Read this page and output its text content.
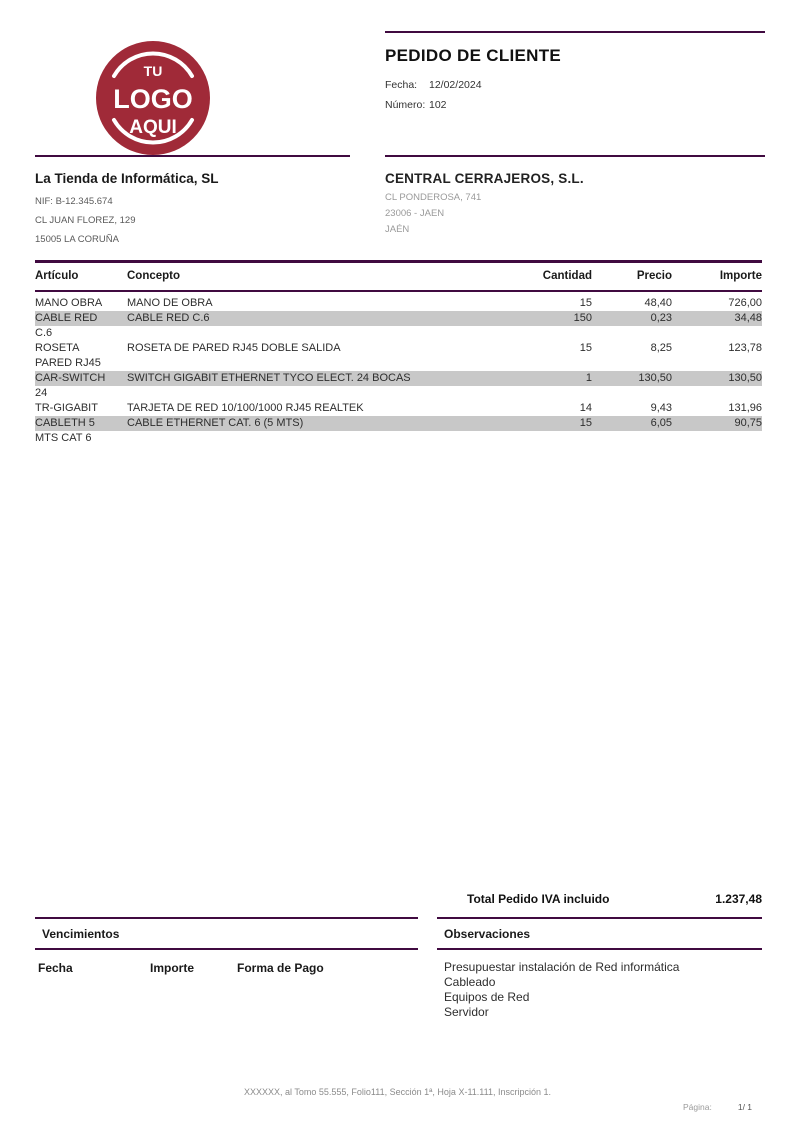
TU
LOGO
AQUI
PEDIDO DE CLIENTE
Fecha:	12/02/2024
Número: 102
La Tienda de Informática, SL
NIF: B-12.345.674
CL JUAN FLOREZ, 129
15005 LA CORUÑA
CENTRAL CERRAJEROS, S.L.
CL PONDEROSA, 741
23006 - JAEN
JAÉN
Artículo	Concepto	Cantidad	Precio	Importe
MANO OBRA	MANO DE OBRA	15	48,40	726,00
CABLE RED	CABLE RED C.6	150	0,23	34,48
C.6
ROSETA	ROSETA DE PARED RJ45 DOBLE SALIDA	15	8,25	123,78
PARED RJ45
CAR-SWITCH	SWITCH GIGABIT ETHERNET TYCO ELECT. 24 BOCAS	1	130,50	130,50
24
TR-GIGABIT	TARJETA DE RED 10/100/1000 RJ45 REALTEK	14	9,43	131,96
CABLETH 5	CABLE ETHERNET CAT. 6 (5 MTS)	15	6,05	90,75
MTS CAT 6
Total Pedido IVA incluido	1.237,48
Vencimientos
Fecha	Importe	Forma de Pago
Observaciones
Presupuestar instalación de Red informática
Cableado
Equipos de Red
Servidor
XXXXXX, al Tomo 55.555, Folio111, Sección 1ª, Hoja X-11.111, Inscripción 1.
Página:	1/ 1
